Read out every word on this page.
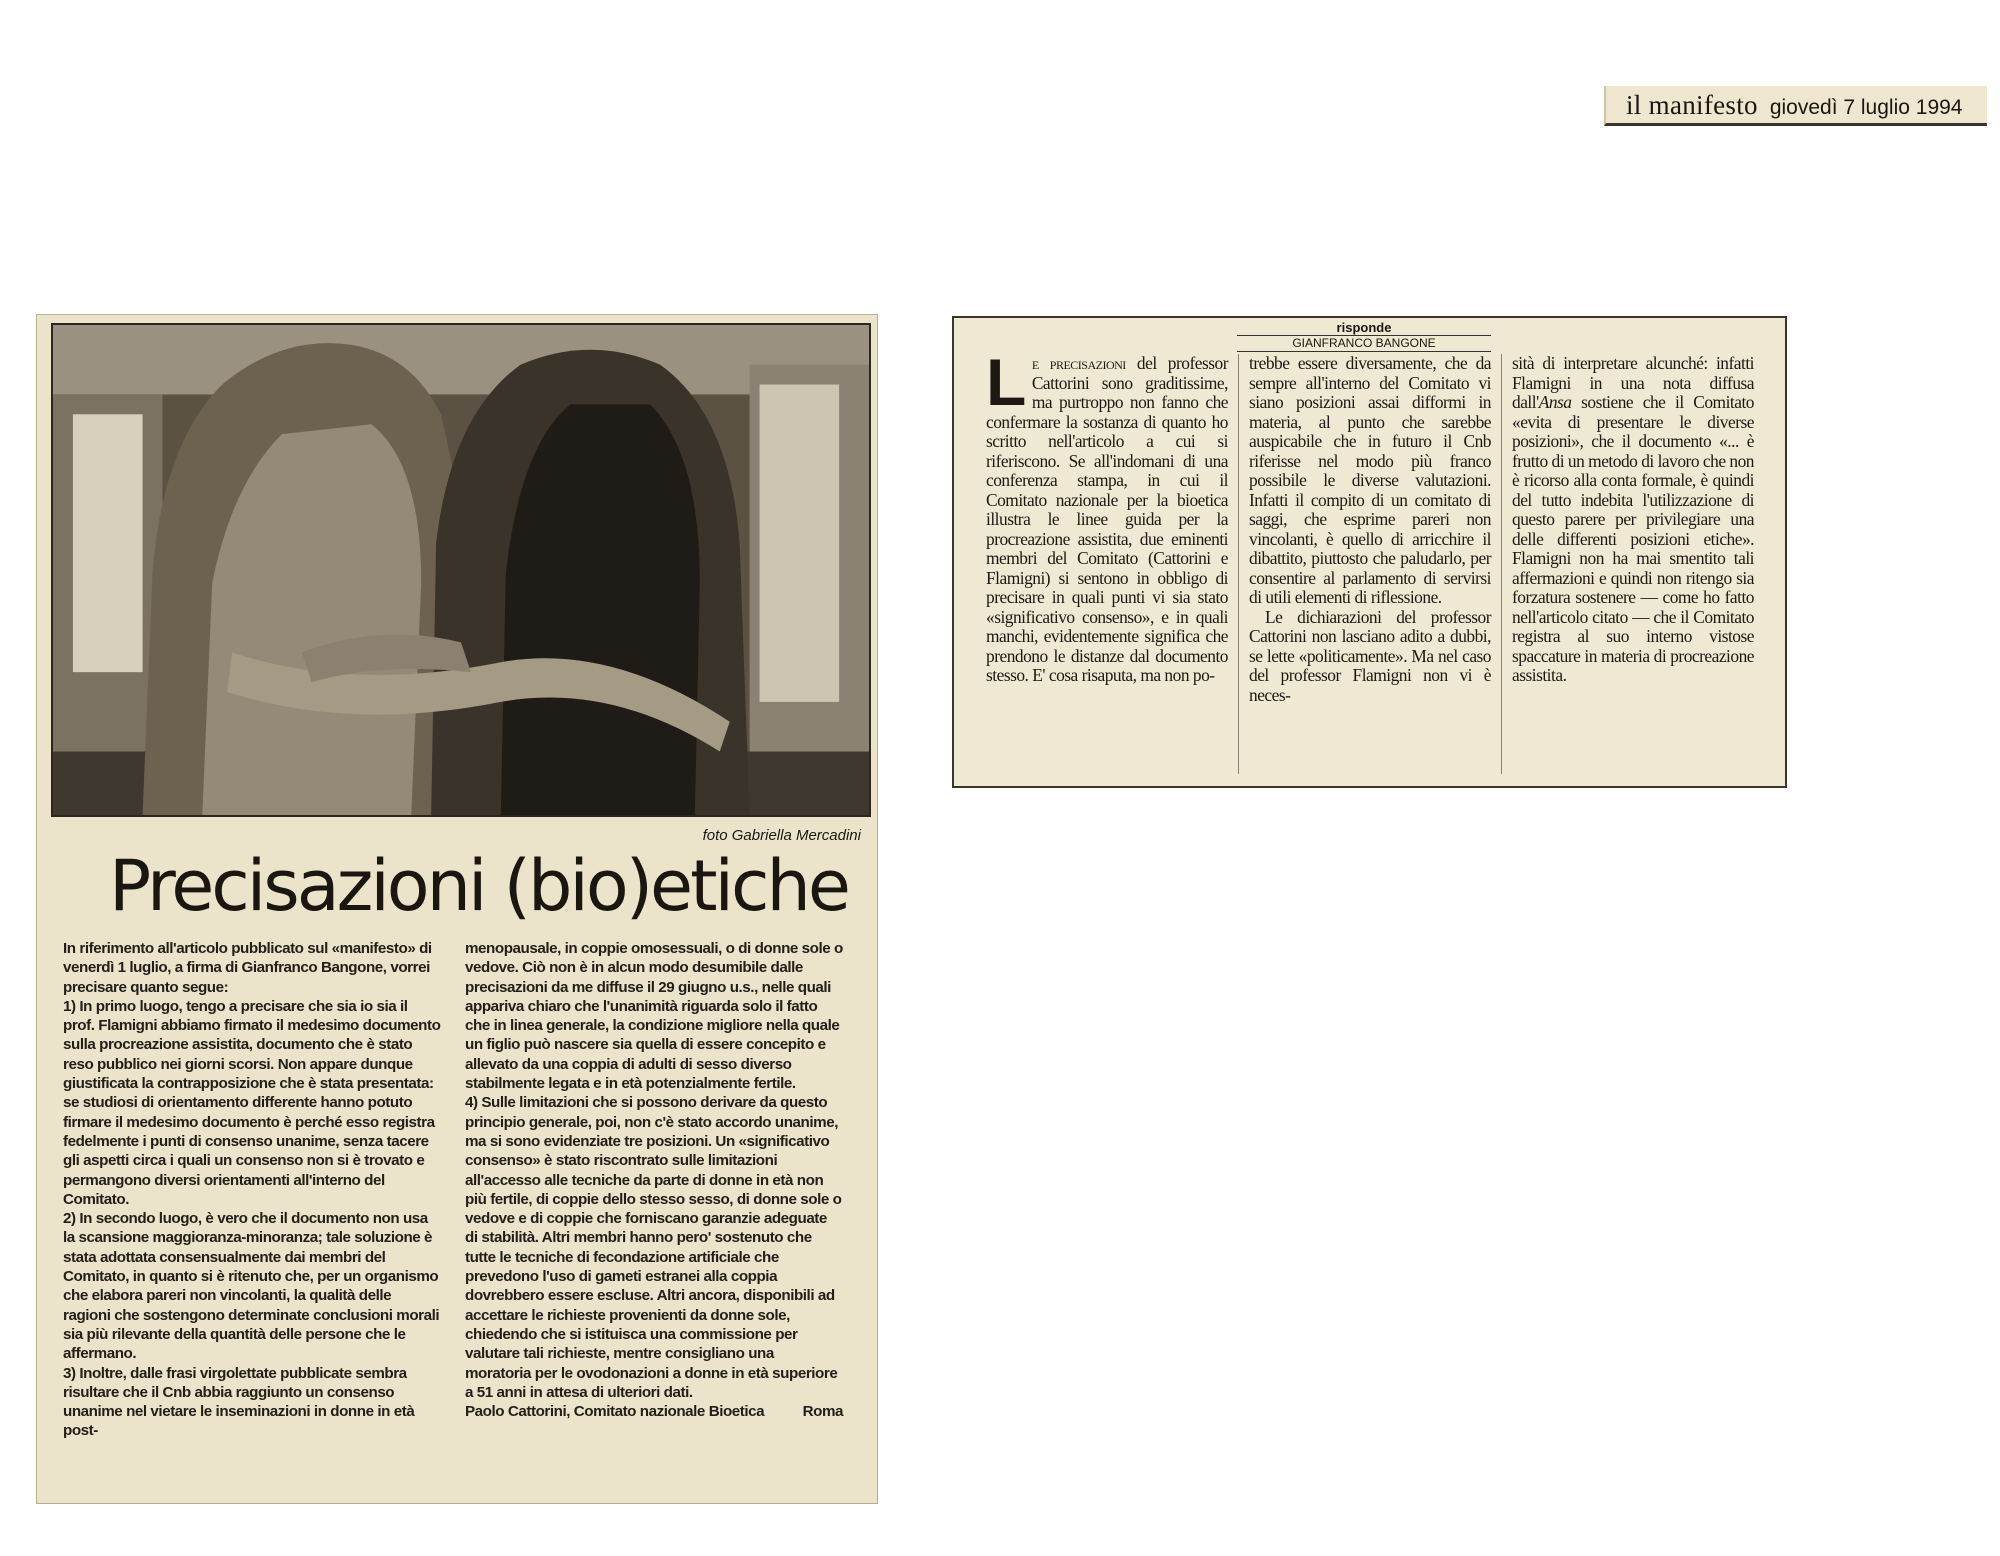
il manifesto giovedì 7 luglio 1994
foto Gabriella Mercadini
Precisazioni (bio)etiche

In riferimento all'articolo pubblicato sul «manifesto» di venerdì 1 luglio, a firma di Gianfranco Bangone, vorrei precisare quanto segue:

1) In primo luogo, tengo a precisare che sia io sia il prof. Flamigni abbiamo firmato il medesimo documento sulla procreazione assistita, documento che è stato reso pubblico nei giorni scorsi. Non appare dunque giustificata la contrapposizione che è stata presentata: se studiosi di orientamento differente hanno potuto firmare il medesimo documento è perché esso registra fedelmente i punti di consenso unanime, senza tacere gli aspetti circa i quali un consenso non si è trovato e permangono diversi orientamenti all'interno del Comitato.

2) In secondo luogo, è vero che il documento non usa la scansione maggioranza-minoranza; tale soluzione è stata adottata consensualmente dai membri del Comitato, in quanto si è ritenuto che, per un organismo che elabora pareri non vincolanti, la qualità delle ragioni che sostengono determinate conclusioni morali sia più rilevante della quantità delle persone che le affermano.

3) Inoltre, dalle frasi virgolettate pubblicate sembra risultare che il Cnb abbia raggiunto un consenso unanime nel vietare le inseminazioni in donne in età post-

menopausale, in coppie omosessuali, o di donne sole o vedove. Ciò non è in alcun modo desumibile dalle precisazioni da me diffuse il 29 giugno u.s., nelle quali appariva chiaro che l'unanimità riguarda solo il fatto che in linea generale, la condizione migliore nella quale un figlio può nascere sia quella di essere concepito e allevato da una coppia di adulti di sesso diverso stabilmente legata e in età potenzialmente fertile.

4) Sulle limitazioni che si possono derivare da questo principio generale, poi, non c'è stato accordo unanime, ma si sono evidenziate tre posizioni. Un «significativo consenso» è stato riscontrato sulle limitazioni all'accesso alle tecniche da parte di donne in età non più fertile, di coppie dello stesso sesso, di donne sole o vedove e di coppie che forniscano garanzie adeguate di stabilità. Altri membri hanno pero' sostenuto che tutte le tecniche di fecondazione artificiale che prevedono l'uso di gameti estranei alla coppia dovrebbero essere escluse. Altri ancora, disponibili ad accettare le richieste provenienti da donne sole, chiedendo che si istituisca una commissione per valutare tali richieste, mentre consigliano una moratoria per le ovodonazioni a donne in età superiore a 51 anni in attesa di ulteriori dati.

Paolo Cattorini, Comitato nazionale Bioetica	Roma

risponde
GIANFRANCO BANGONE

Le precisazioni del professor Cattorini sono graditissime, ma purtroppo non fanno che confermare la sostanza di quanto ho scritto nell'articolo a cui si riferiscono. Se all'indomani di una conferenza stampa, in cui il Comitato nazionale per la bioetica illustra le linee guida per la procreazione assistita, due eminenti membri del Comitato (Cattorini e Flamigni) si sentono in obbligo di precisare in quali punti vi sia stato «significativo consenso», e in quali manchi, evidentemente significa che prendono le distanze dal documento stesso. E' cosa risaputa, ma non po-

trebbe essere diversamente, che da sempre all'interno del Comitato vi siano posizioni assai difformi in materia, al punto che sarebbe auspicabile che in futuro il Cnb riferisse nel modo più franco possibile le diverse valutazioni. Infatti il compito di un comitato di saggi, che esprime pareri non vincolanti, è quello di arricchire il dibattito, piuttosto che paludarlo, per consentire al parlamento di servirsi di utili elementi di riflessione.

Le dichiarazioni del professor Cattorini non lasciano adito a dubbi, se lette «politicamente». Ma nel caso del professor Flamigni non vi è neces-

sità di interpretare alcunché: infatti Flamigni in una nota diffusa dall'Ansa sostiene che il Comitato «evita di presentare le diverse posizioni», che il documento «... è frutto di un metodo di lavoro che non è ricorso alla conta formale, è quindi del tutto indebita l'utilizzazione di questo parere per privilegiare una delle differenti posizioni etiche». Flamigni non ha mai smentito tali affermazioni e quindi non ritengo sia forzatura sostenere — come ho fatto nell'articolo citato — che il Comitato registra al suo interno vistose spaccature in materia di procreazione assistita.
